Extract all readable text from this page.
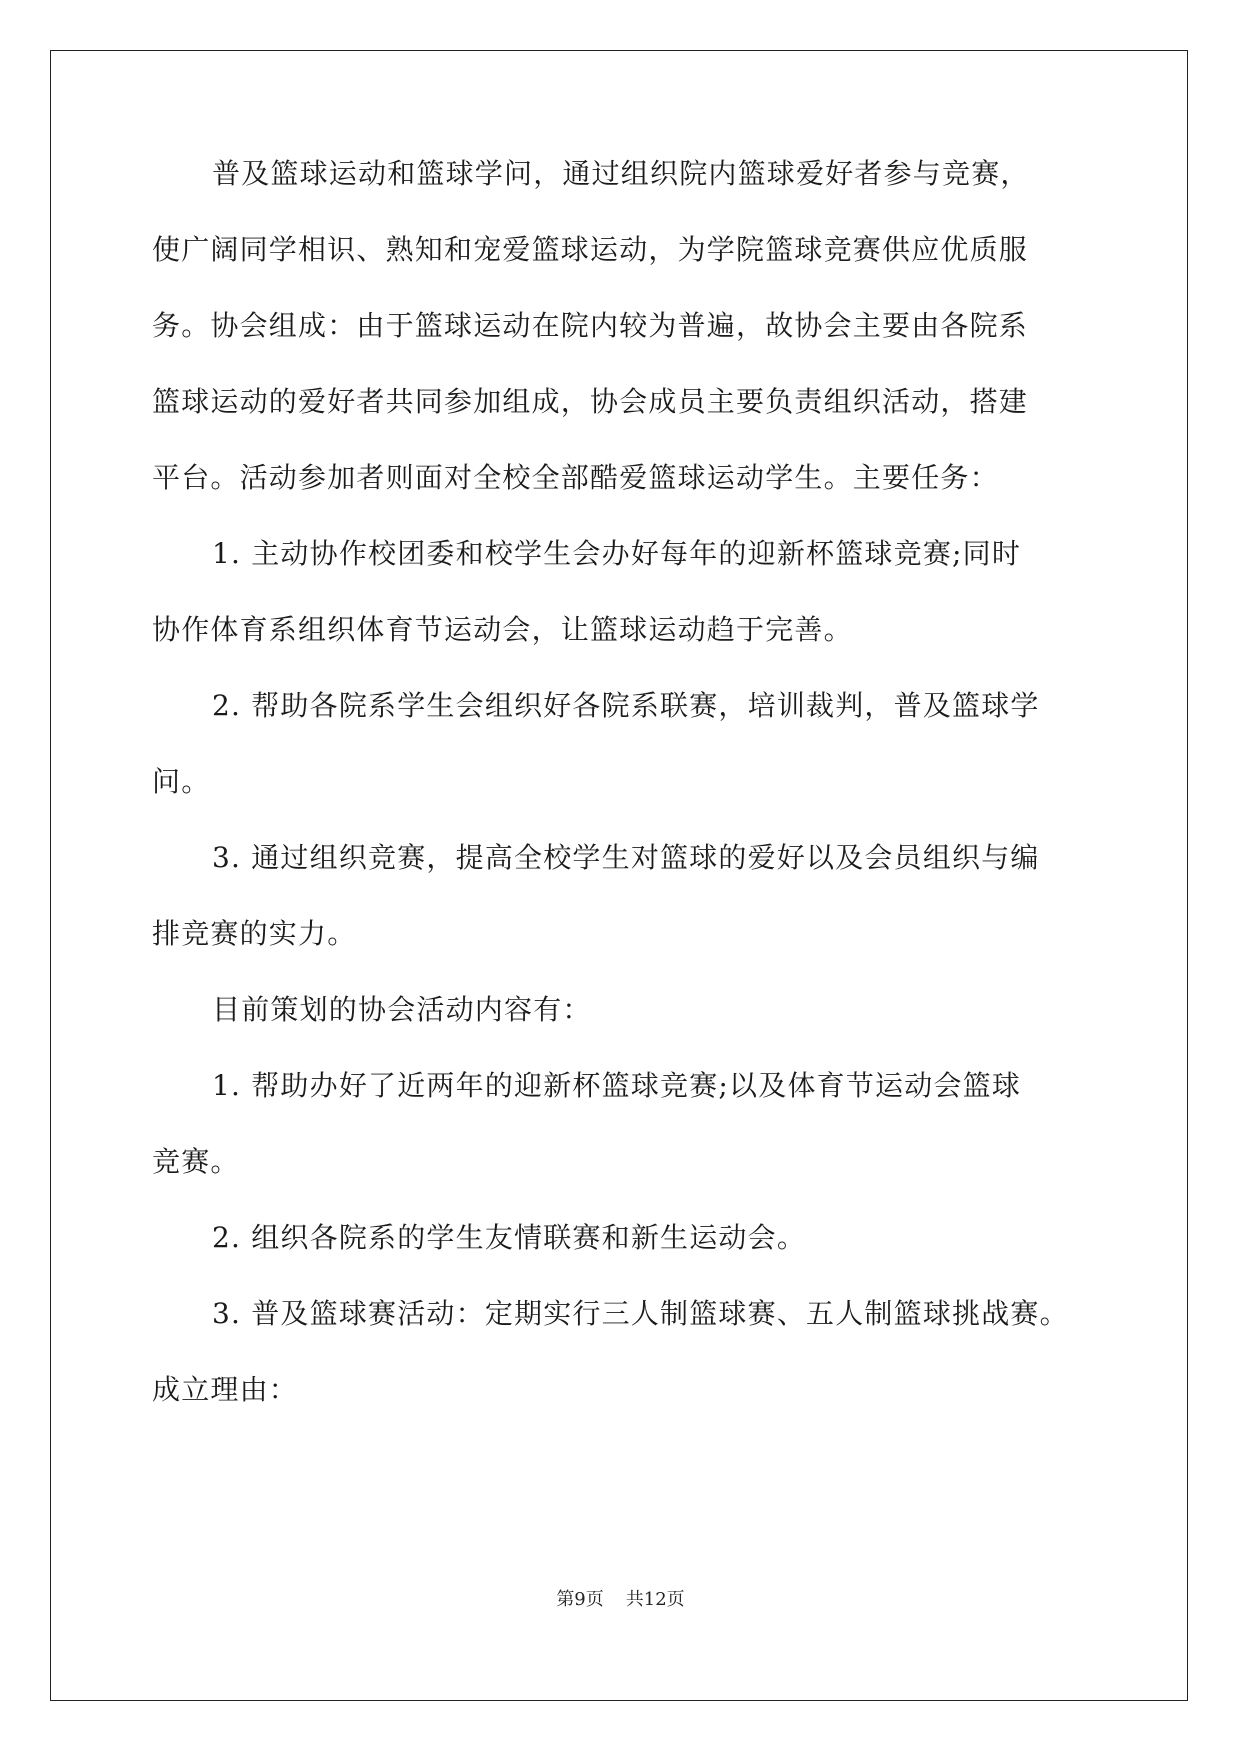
普及篮球运动和篮球学问，通过组织院内篮球爱好者参与竞赛，
使广阔同学相识、熟知和宠爱篮球运动，为学院篮球竞赛供应优质服
务。协会组成：由于篮球运动在院内较为普遍，故协会主要由各院系
篮球运动的爱好者共同参加组成，协会成员主要负责组织活动，搭建
平台。活动参加者则面对全校全部酷爱篮球运动学生。主要任务：
1. 主动协作校团委和校学生会办好每年的迎新杯篮球竞赛;同时
协作体育系组织体育节运动会，让篮球运动趋于完善。
2. 帮助各院系学生会组织好各院系联赛，培训裁判，普及篮球学
问。
3. 通过组织竞赛，提高全校学生对篮球的爱好以及会员组织与编
排竞赛的实力。
目前策划的协会活动内容有：
1. 帮助办好了近两年的迎新杯篮球竞赛;以及体育节运动会篮球
竞赛。
2. 组织各院系的学生友情联赛和新生运动会。
3. 普及篮球赛活动：定期实行三人制篮球赛、五人制篮球挑战赛。
成立理由：
第9页 共12页
